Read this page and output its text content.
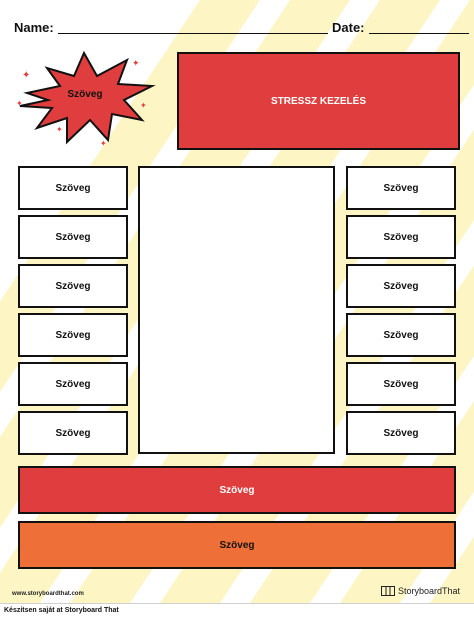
Name:	Date:
✦
✦
✦
✦
✦
✦
Szöveg
STRESSZ KEZELÉS
Szöveg
Szöveg
Szöveg
Szöveg
Szöveg
Szöveg
Szöveg
Szöveg
Szöveg
Szöveg
Szöveg
Szöveg
Szöveg
Szöveg
www.storyboardthat.com	StoryboardThat
Készítsen saját at Storyboard That
